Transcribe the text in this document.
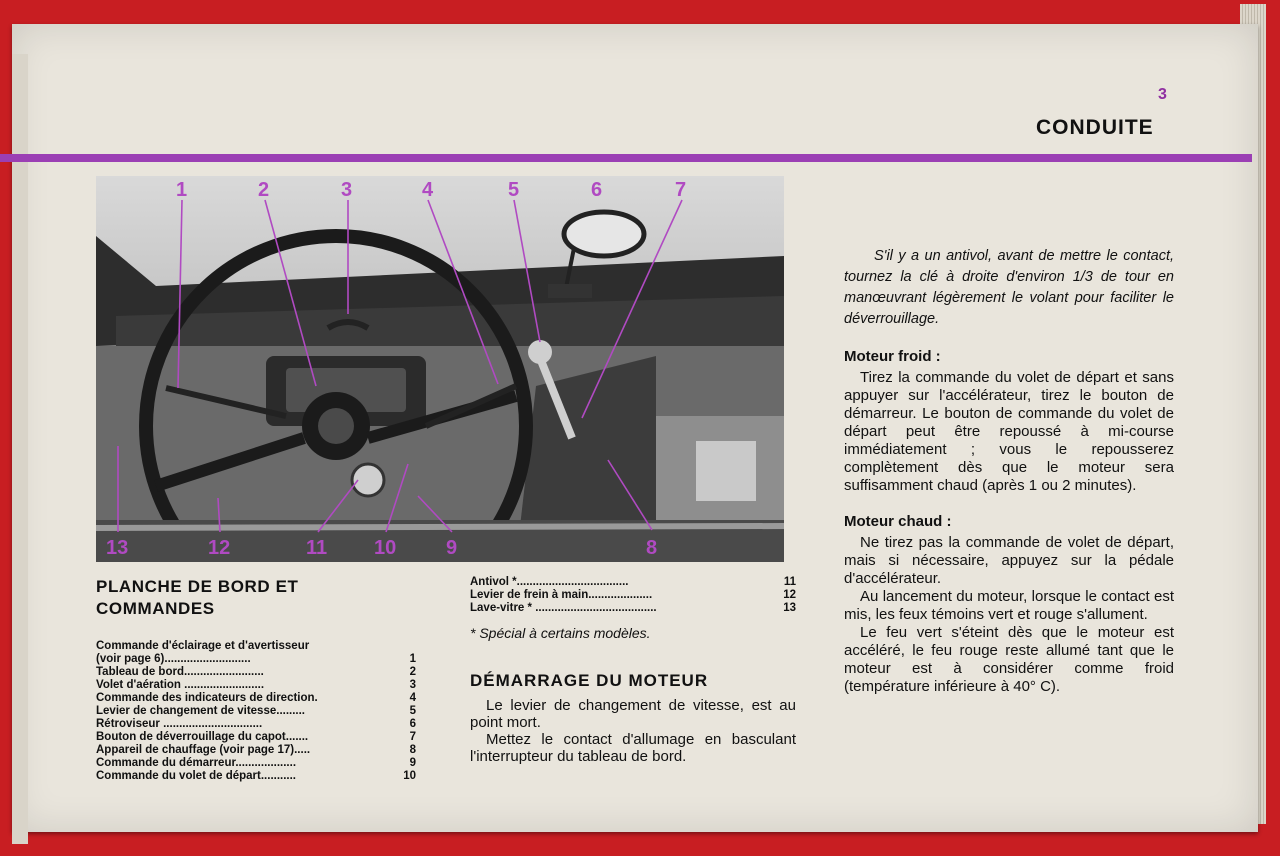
3
CONDUITE
1	2	3	4	5	6	7
8
9
10
11
12
13
PLANCHE DE BORD ET
COMMANDES
Commande d'éclairage et d'avertisseur
(voir page 6)...........................	1
Tableau de bord.........................	2
Volet d'aération .........................	3
Commande des indicateurs de direction.	4
Levier de changement de vitesse.........	5
Rétroviseur ...............................	6
Bouton de déverrouillage du capot.......	7
Appareil de chauffage (voir page 17).....	8
Commande du démarreur...................	9
Commande du volet de départ...........	10
Antivol *...................................	11
Levier de frein à main....................	12
Lave-vitre * ......................................	13
* Spécial à certains modèles.
DÉMARRAGE DU MOTEUR

Le levier de changement de vitesse, est au point mort.

Mettez le contact d'allumage en basculant l'interrupteur du tableau de bord.

S'il y a un antivol, avant de mettre le contact, tournez la clé à droite d'environ 1/3 de tour en manœuvrant légèrement le volant pour faciliter le déverrouillage.

Moteur froid :

Tirez la commande du volet de départ et sans appuyer sur l'accélérateur, tirez le bouton de démarreur. Le bouton de commande du volet de départ peut être repoussé à mi-course immédiatement ; vous le repousserez complètement dès que le moteur sera suffisamment chaud (après 1 ou 2 minutes).

Moteur chaud :

Ne tirez pas la commande de volet de départ, mais si nécessaire, appuyez sur la pédale d'accélérateur.

Au lancement du moteur, lorsque le contact est mis, les feux témoins vert et rouge s'allument.

Le feu vert s'éteint dès que le moteur est accéléré, le feu rouge reste allumé tant que le moteur est à considérer comme froid (température inférieure à 40° C).
